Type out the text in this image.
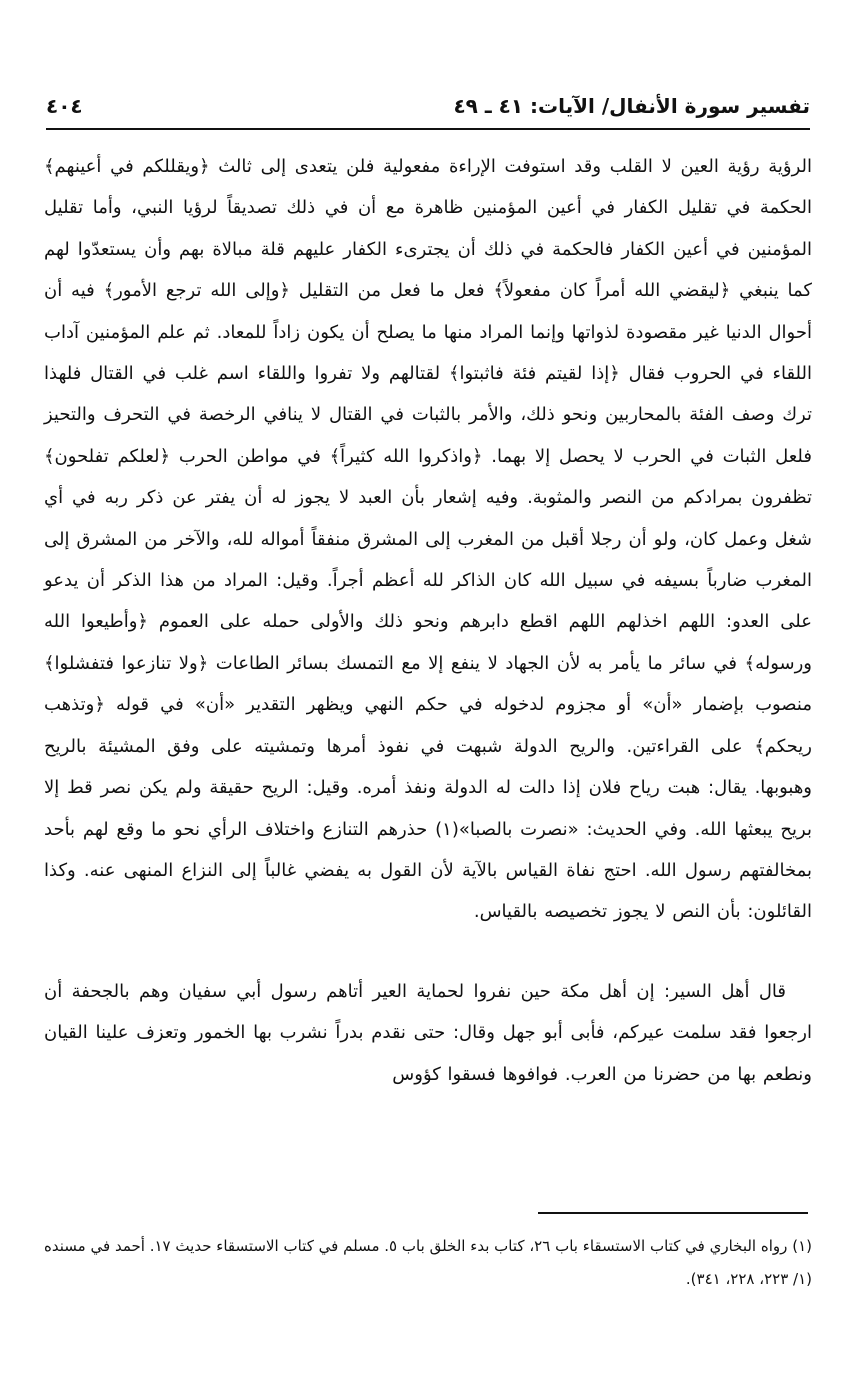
تفسير سورة الأنفال/ الآيات: ٤١ ـ ٤٩
٤٠٤

الرؤية رؤية العين لا القلب وقد استوفت الإراءة مفعولية فلن يتعدى إلى ثالث ﴿ويقللكم في أعينهم﴾ الحكمة في تقليل الكفار في أعين المؤمنين ظاهرة مع أن في ذلك تصديقاً لرؤيا النبي، وأما تقليل المؤمنين في أعين الكفار فالحكمة في ذلك أن يجترىء الكفار عليهم قلة مبالاة بهم وأن يستعدّوا لهم كما ينبغي ﴿ليقضي الله أمراً كان مفعولاً﴾ فعل ما فعل من التقليل ﴿وإلى الله ترجع الأمور﴾ فيه أن أحوال الدنيا غير مقصودة لذواتها وإنما المراد منها ما يصلح أن يكون زاداً للمعاد. ثم علم المؤمنين آداب اللقاء في الحروب فقال ﴿إذا لقيتم فئة فاثبتوا﴾ لقتالهم ولا تفروا واللقاء اسم غلب في القتال فلهذا ترك وصف الفئة بالمحاربين ونحو ذلك، والأمر بالثبات في القتال لا ينافي الرخصة في التحرف والتحيز فلعل الثبات في الحرب لا يحصل إلا بهما. ﴿واذكروا الله كثيراً﴾ في مواطن الحرب ﴿لعلكم تفلحون﴾ تظفرون بمرادكم من النصر والمثوبة. وفيه إشعار بأن العبد لا يجوز له أن يفتر عن ذكر ربه في أي شغل وعمل كان، ولو أن رجلا أقبل من المغرب إلى المشرق منفقاً أمواله لله، والآخر من المشرق إلى المغرب ضارباً بسيفه في سبيل الله كان الذاكر لله أعظم أجراً. وقيل: المراد من هذا الذكر أن يدعو على العدو: اللهم اخذلهم اللهم اقطع دابرهم ونحو ذلك والأولى حمله على العموم ﴿وأطيعوا الله ورسوله﴾ في سائر ما يأمر به لأن الجهاد لا ينفع إلا مع التمسك بسائر الطاعات ﴿ولا تنازعوا فتفشلوا﴾ منصوب بإضمار «أن» أو مجزوم لدخوله في حكم النهي ويظهر التقدير «أن» في قوله ﴿وتذهب ريحكم﴾ على القراءتين. والريح الدولة شبهت في نفوذ أمرها وتمشيته على وفق المشيئة بالريح وهبوبها. يقال: هبت رياح فلان إذا دالت له الدولة ونفذ أمره. وقيل: الريح حقيقة ولم يكن نصر قط إلا بريح يبعثها الله. وفي الحديث: «نصرت بالصبا»(١) حذرهم التنازع واختلاف الرأي نحو ما وقع لهم بأحد بمخالفتهم رسول الله. احتج نفاة القياس بالآية لأن القول به يفضي غالباً إلى النزاع المنهى عنه. وكذا القائلون: بأن النص لا يجوز تخصيصه بالقياس.

قال أهل السير: إن أهل مكة حين نفروا لحماية العير أتاهم رسول أبي سفيان وهم بالجحفة أن ارجعوا فقد سلمت عيركم، فأبى أبو جهل وقال: حتى نقدم بدراً نشرب بها الخمور وتعزف علينا القيان ونطعم بها من حضرنا من العرب. فوافوها فسقوا كؤوس

(١) رواه البخاري في كتاب الاستسقاء باب ٢٦، كتاب بدء الخلق باب ٥. مسلم في كتاب الاستسقاء حديث ١٧. أحمد في مسنده (١/ ٢٢٣، ٢٢٨، ٣٤١).
